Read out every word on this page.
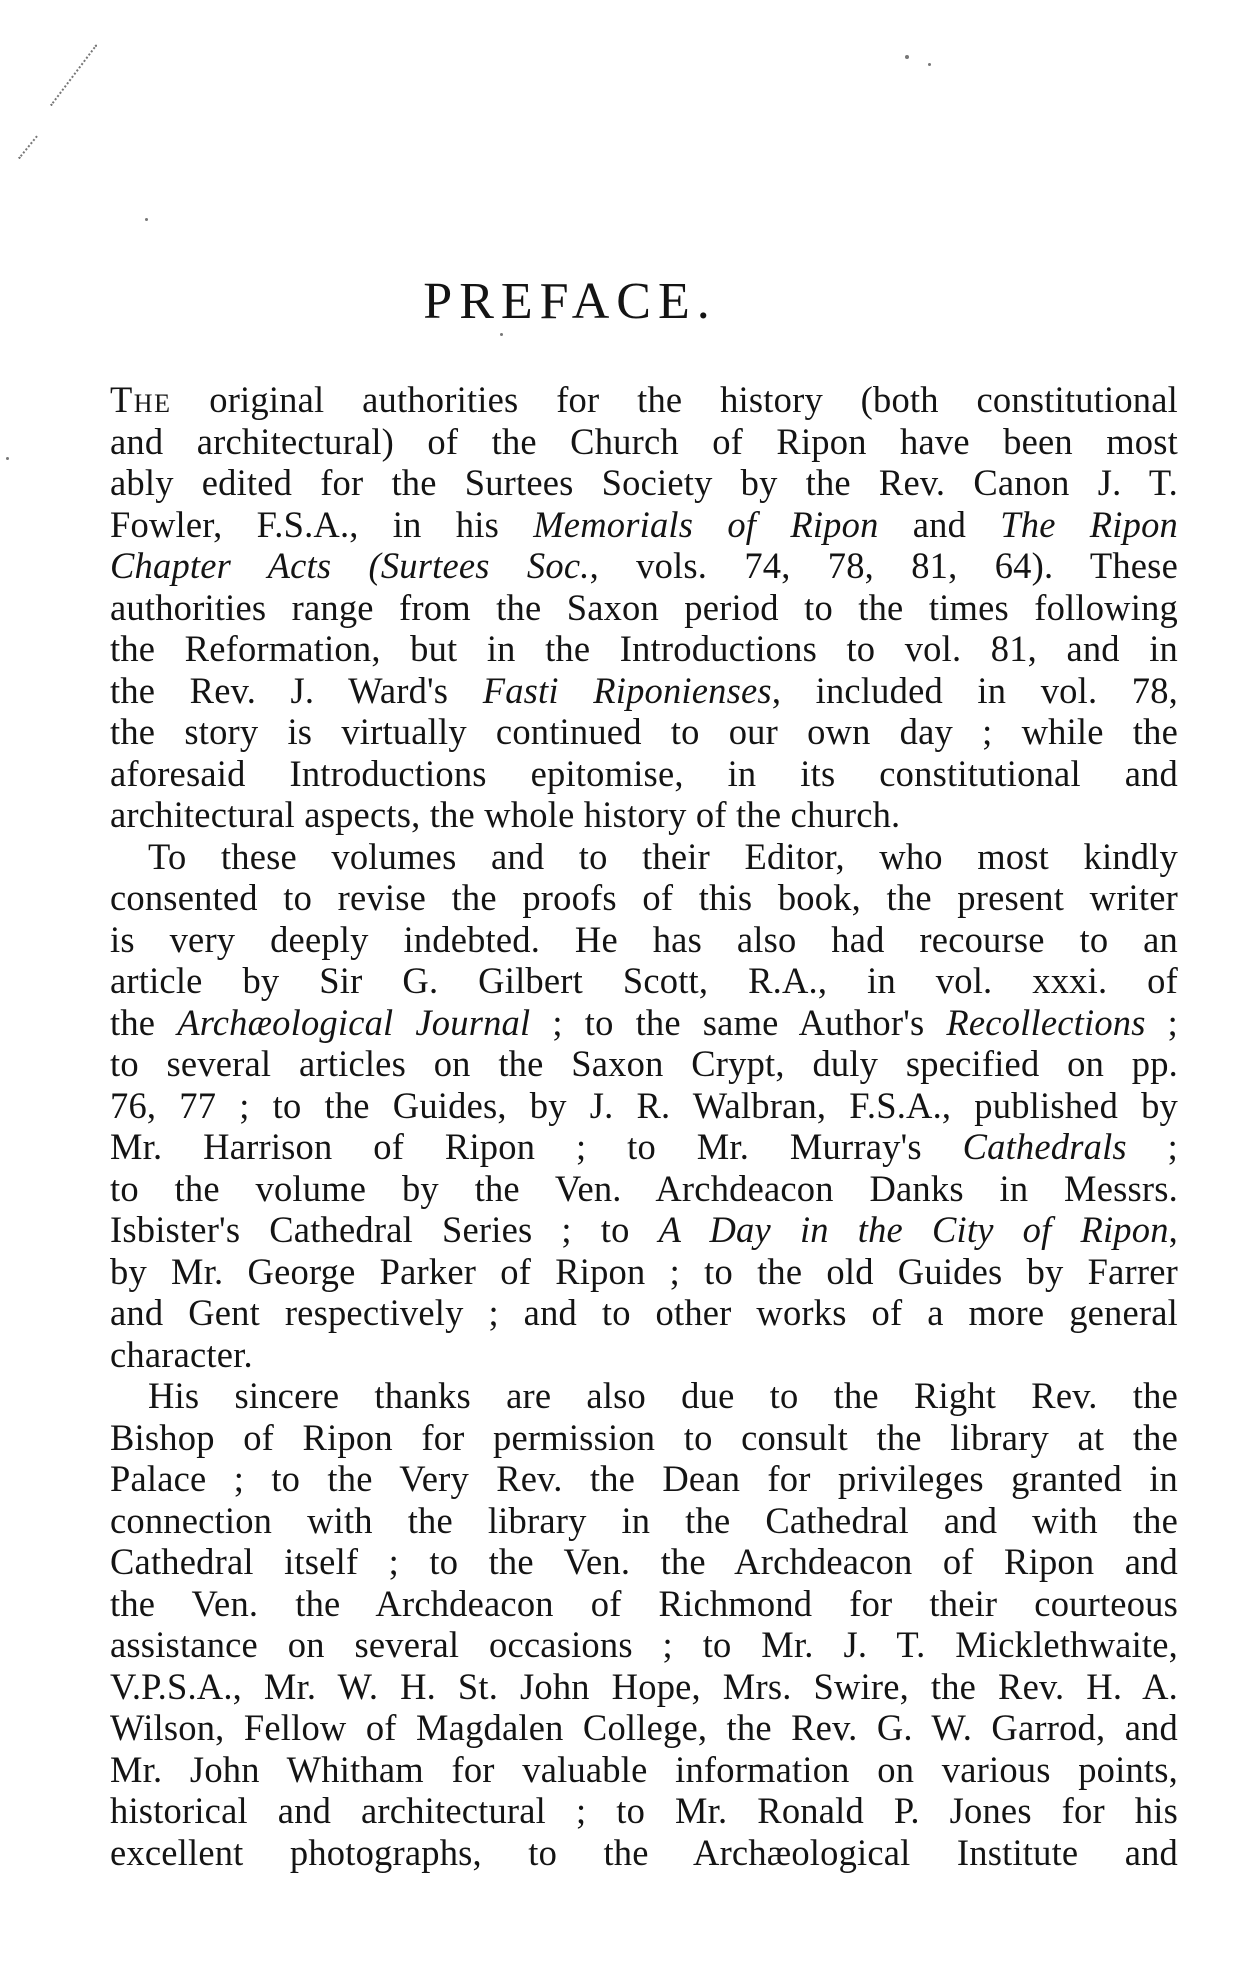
PREFACE.
The original authorities for the history (both constitutional
and architectural) of the Church of Ripon have been most
ably edited for the Surtees Society by the Rev. Canon J. T.
Fowler, F.S.A., in his Memorials of Ripon and The Ripon
Chapter Acts (Surtees Soc., vols. 74, 78, 81, 64). These
authorities range from the Saxon period to the times following
the Reformation, but in the Introductions to vol. 81, and in
the Rev. J. Ward's Fasti Riponienses, included in vol. 78,
the story is virtually continued to our own day ; while the
aforesaid Introductions epitomise, in its constitutional and
architectural aspects, the whole history of the church.
To these volumes and to their Editor, who most kindly
consented to revise the proofs of this book, the present writer
is very deeply indebted. He has also had recourse to an
article by Sir G. Gilbert Scott, R.A., in vol. xxxi. of
the Archæological Journal ; to the same Author's Recollections ;
to several articles on the Saxon Crypt, duly specified on pp.
76, 77 ; to the Guides, by J. R. Walbran, F.S.A., published by
Mr. Harrison of Ripon ; to Mr. Murray's Cathedrals ;
to the volume by the Ven. Archdeacon Danks in Messrs.
Isbister's Cathedral Series ; to A Day in the City of Ripon,
by Mr. George Parker of Ripon ; to the old Guides by Farrer
and Gent respectively ; and to other works of a more general
character.
His sincere thanks are also due to the Right Rev. the
Bishop of Ripon for permission to consult the library at the
Palace ; to the Very Rev. the Dean for privileges granted in
connection with the library in the Cathedral and with the
Cathedral itself ; to the Ven. the Archdeacon of Ripon and
the Ven. the Archdeacon of Richmond for their courteous
assistance on several occasions ; to Mr. J. T. Micklethwaite,
V.P.S.A., Mr. W. H. St. John Hope, Mrs. Swire, the Rev. H. A.
Wilson, Fellow of Magdalen College, the Rev. G. W. Garrod, and
Mr. John Whitham for valuable information on various points,
historical and architectural ; to Mr. Ronald P. Jones for his
excellent photographs, to the Archæological Institute and
